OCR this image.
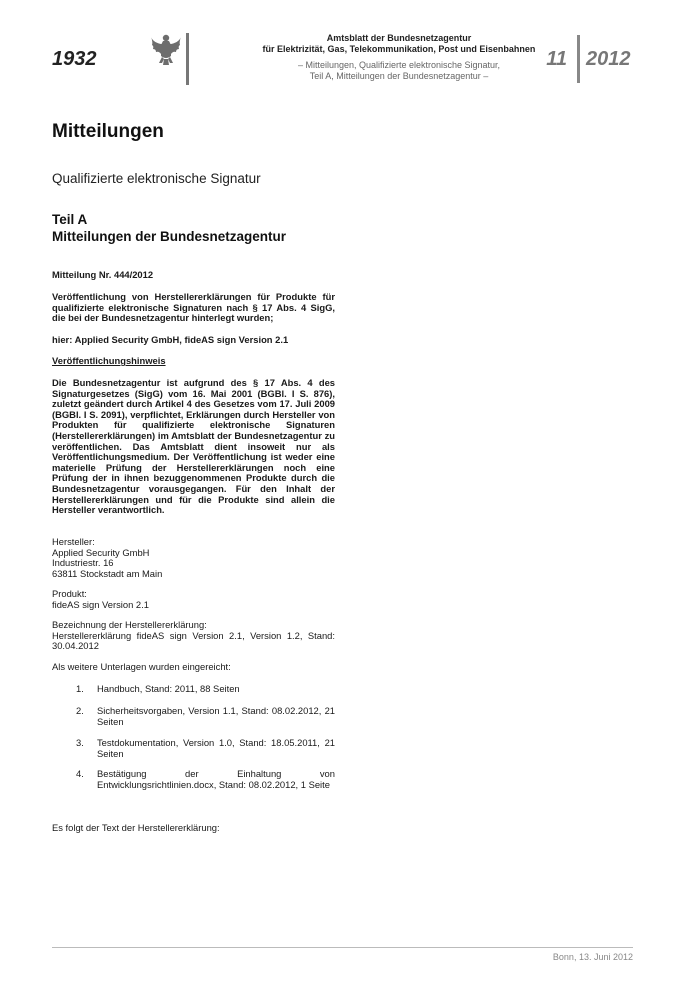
1932
Amtsblatt der Bundesnetzagentur
für Elektrizität, Gas, Telekommunikation, Post und Eisenbahnen
– Mitteilungen, Qualifizierte elektronische Signatur,
Teil A, Mitteilungen der Bundesnetzagentur –
11 2012
Mitteilungen
Qualifizierte elektronische Signatur
Teil A
Mitteilungen der Bundesnetzagentur
Mitteilung Nr. 444/2012
Veröffentlichung von Herstellererklärungen für Produkte für qualifizierte elektronische Signaturen nach § 17 Abs. 4 SigG, die bei der Bundesnetzagentur hinterlegt wurden;
hier: Applied Security GmbH, fideAS sign Version 2.1
Veröffentlichungshinweis
Die Bundesnetzagentur ist aufgrund des § 17 Abs. 4 des Signaturgesetzes (SigG) vom 16. Mai 2001 (BGBl. I S. 876), zuletzt geändert durch Artikel 4 des Gesetzes vom 17. Juli 2009 (BGBl. I S. 2091), verpflichtet, Erklärungen durch Hersteller von Produkten für qualifizierte elektronische Signaturen (Herstellererklärungen) im Amtsblatt der Bundesnetzagentur zu veröffentlichen. Das Amtsblatt dient insoweit nur als Veröffentlichungsmedium. Der Veröffentlichung ist weder eine materielle Prüfung der Herstellererklärungen noch eine Prüfung der in ihnen bezuggenommenen Produkte durch die Bundesnetzagentur vorausgegangen. Für den Inhalt der Herstellererklärungen und für die Produkte sind allein die Hersteller verantwortlich.
Hersteller:
Applied Security GmbH
Industriestr. 16
63811 Stockstadt am Main
Produkt:
fideAS sign Version 2.1
Bezeichnung der Herstellererklärung:
Herstellererklärung fideAS sign Version 2.1, Version 1.2, Stand: 30.04.2012
Als weitere Unterlagen wurden eingereicht:
1. Handbuch, Stand: 2011, 88 Seiten
2. Sicherheitsvorgaben, Version 1.1, Stand: 08.02.2012, 21 Seiten
3. Testdokumentation, Version 1.0, Stand: 18.05.2011, 21 Seiten
4. Bestätigung der Einhaltung von Entwicklungsrichtlinien.docx, Stand: 08.02.2012, 1 Seite
Es folgt der Text der Herstellererklärung:
Bonn, 13. Juni 2012
